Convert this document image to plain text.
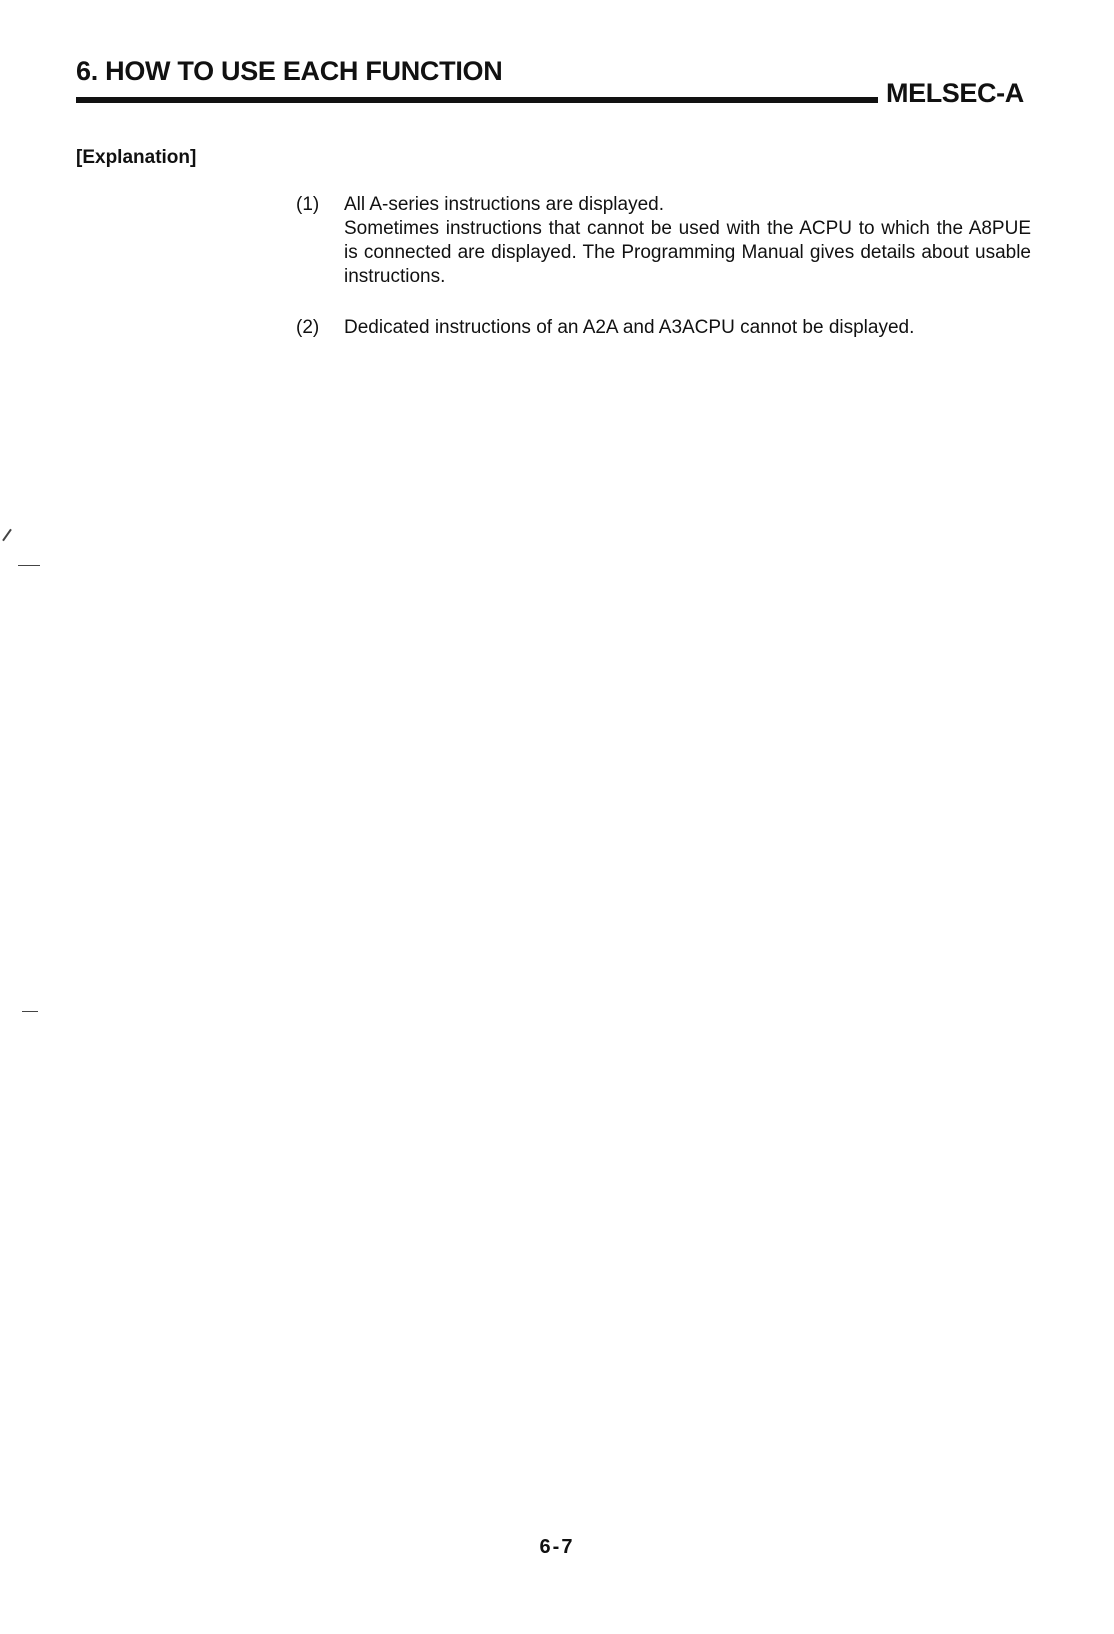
6. HOW TO USE EACH FUNCTION
MELSEC-A
[Explanation]
(1)	All A-series instructions are displayed.

Sometimes instructions that cannot be used with the ACPU to which the A8PUE is connected are displayed. The Programming Manual gives details about usable instructions.

(2)	Dedicated instructions of an A2A and A3ACPU cannot be displayed.

6-7
